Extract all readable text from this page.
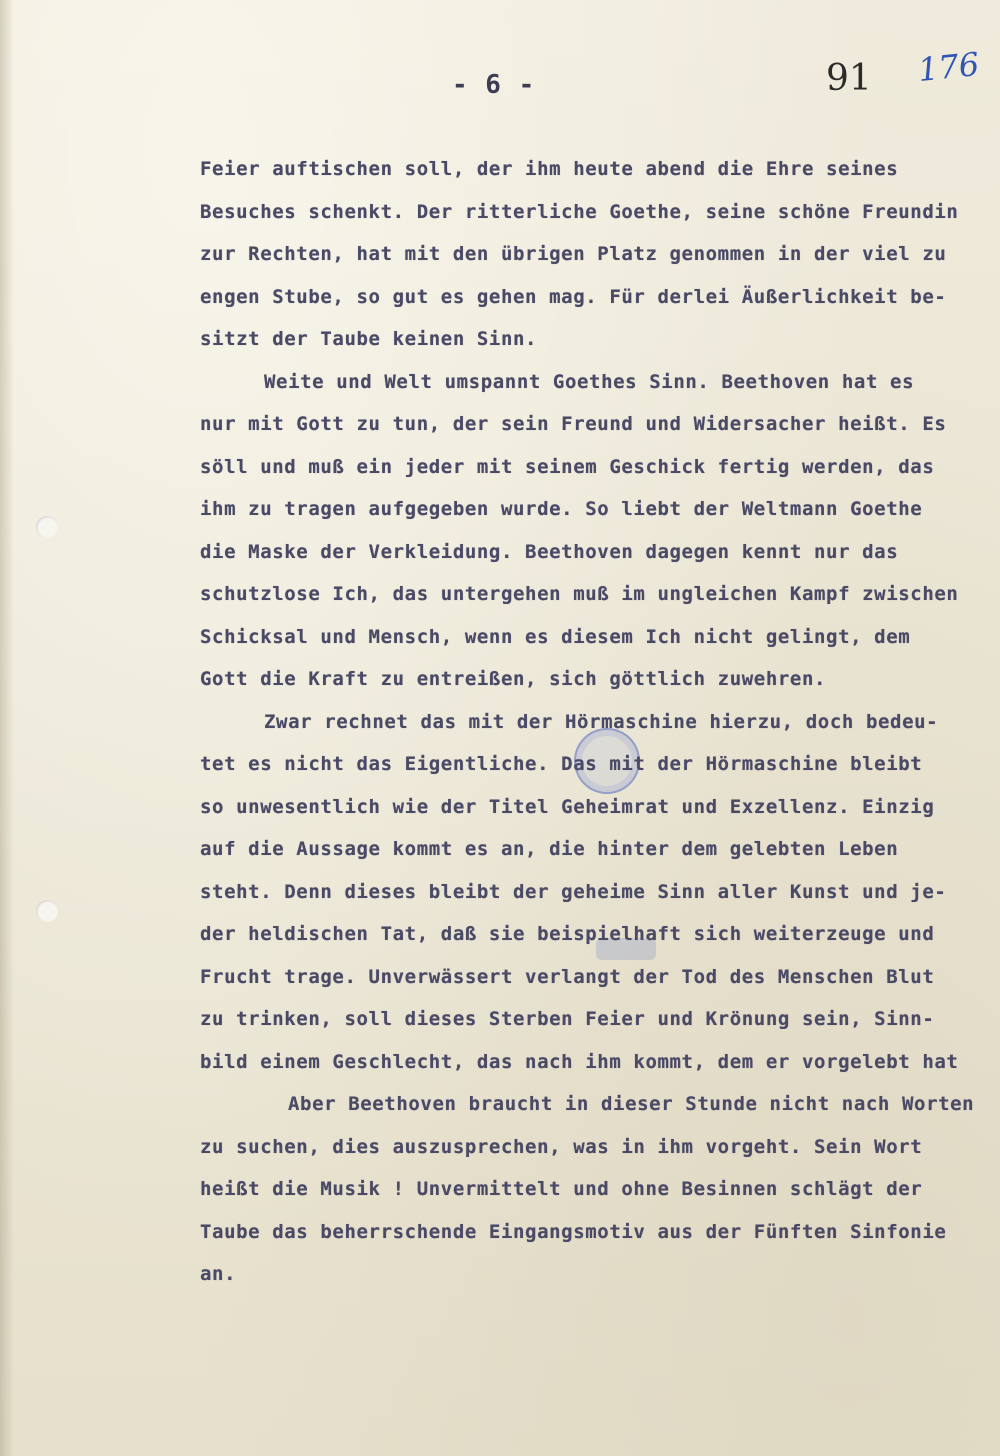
- 6 -	91 176
Feier auftischen soll, der ihm heute abend die Ehre seines
Besuches schenkt. Der ritterliche Goethe, seine schöne Freundin
zur Rechten, hat mit den übrigen Platz genommen in der viel zu
engen Stube, so gut es gehen mag. Für derlei Äußerlichkeit be-
sitzt der Taube keinen Sinn.
Weite und Welt umspannt Goethes Sinn. Beethoven hat es
nur mit Gott zu tun, der sein Freund und Widersacher heißt. Es
söll und muß ein jeder mit seinem Geschick fertig werden, das
ihm zu tragen aufgegeben wurde. So liebt der Weltmann Goethe
die Maske der Verkleidung. Beethoven dagegen kennt nur das
schutzlose Ich, das untergehen muß im ungleichen Kampf zwischen
Schicksal und Mensch, wenn es diesem Ich nicht gelingt, dem
Gott die Kraft zu entreißen, sich göttlich zuwehren.
Zwar rechnet das mit der Hörmaschine hierzu, doch bedeu-
tet es nicht das Eigentliche. Das mit der Hörmaschine bleibt
so unwesentlich wie der Titel Geheimrat und Exzellenz. Einzig
auf die Aussage kommt es an, die hinter dem gelebten Leben
steht. Denn dieses bleibt der geheime Sinn aller Kunst und je-
der heldischen Tat, daß sie beispielhaft sich weiterzeuge und
Frucht trage. Unverwässert verlangt der Tod des Menschen Blut
zu trinken, soll dieses Sterben Feier und Krönung sein, Sinn-
bild einem Geschlecht, das nach ihm kommt, dem er vorgelebt hat
Aber Beethoven braucht in dieser Stunde nicht nach Worten
zu suchen, dies auszusprechen, was in ihm vorgeht. Sein Wort
heißt die Musik ! Unvermittelt und ohne Besinnen schlägt der
Taube das beherrschende Eingangsmotiv aus der Fünften Sinfonie
an.
